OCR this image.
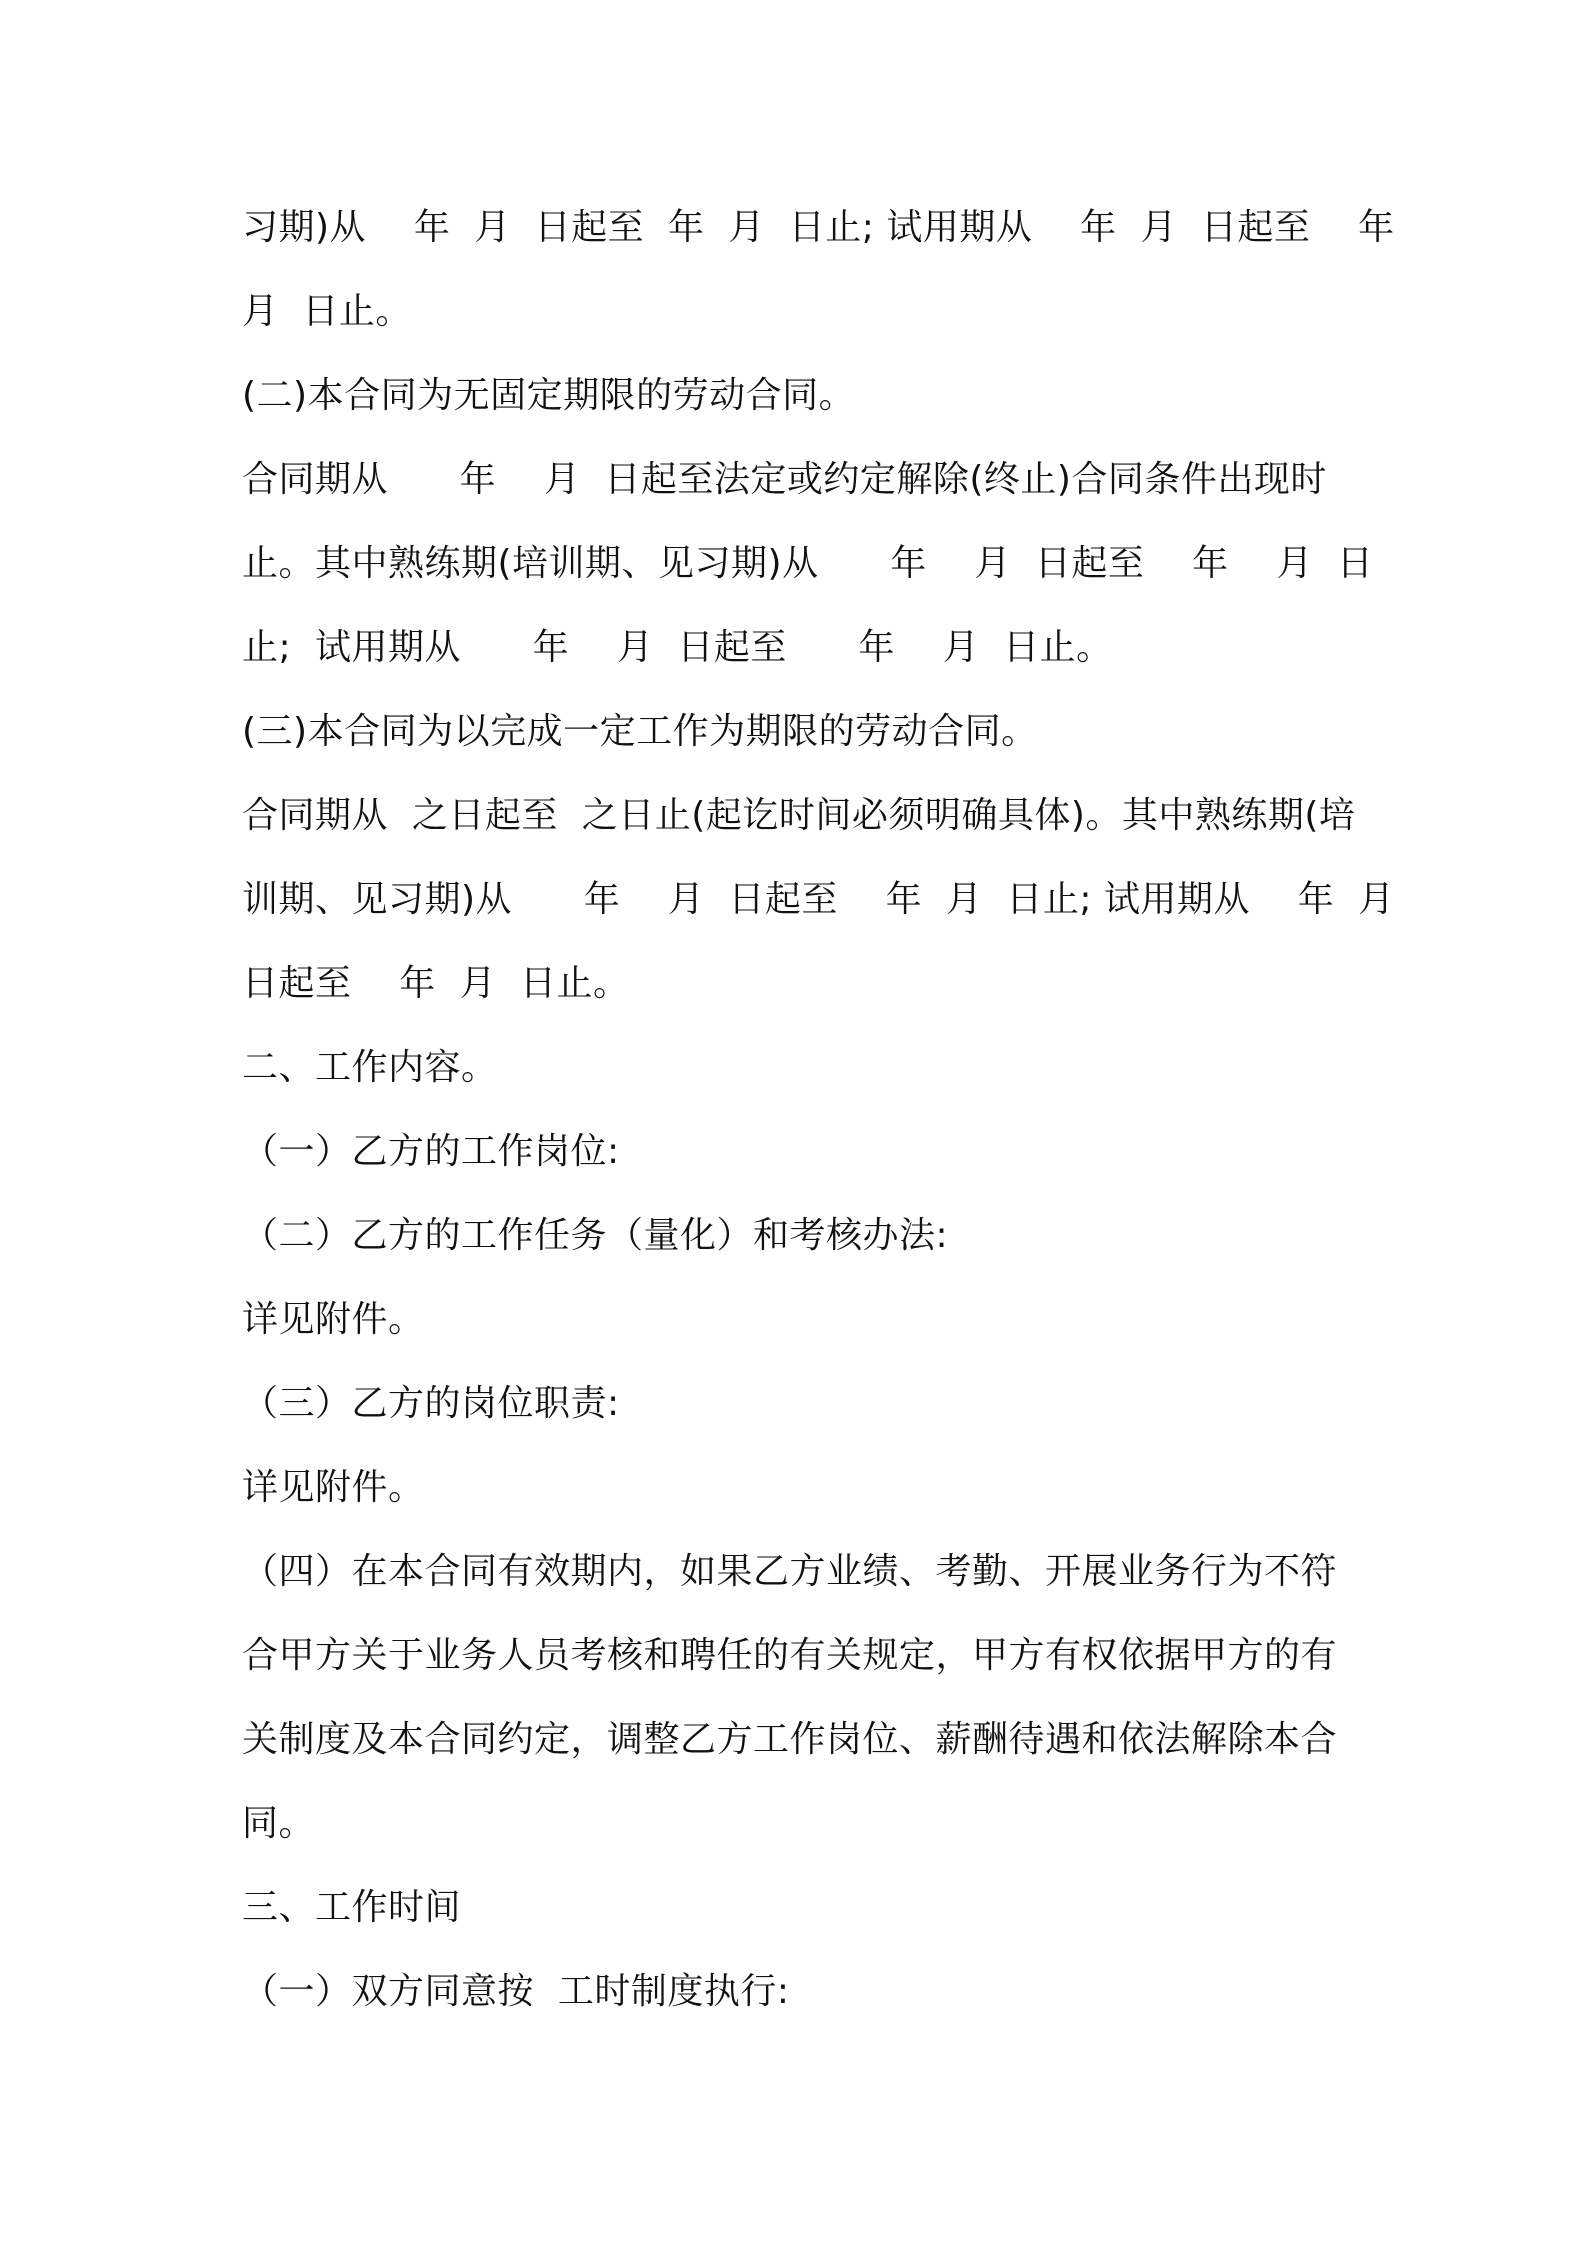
习期)从    年  月  日起至  年  月  日止; 试用期从    年  月  日起至    年
月  日止。
(二)本合同为无固定期限的劳动合同。
合同期从      年    月  日起至法定或约定解除(终止)合同条件出现时
止。其中熟练期(培训期、见习期)从      年    月  日起至    年    月  日
止;  试用期从      年    月  日起至      年    月  日止。
(三)本合同为以完成一定工作为期限的劳动合同。
合同期从  之日起至  之日止(起讫时间必须明确具体)。其中熟练期(培
训期、见习期)从      年    月  日起至    年  月  日止; 试用期从    年  月
日起至    年  月  日止。
二、工作内容。
（一）乙方的工作岗位:
（二）乙方的工作任务（量化）和考核办法:
详见附件。
（三）乙方的岗位职责:
详见附件。
（四）在本合同有效期内，如果乙方业绩、考勤、开展业务行为不符
合甲方关于业务人员考核和聘任的有关规定，甲方有权依据甲方的有
关制度及本合同约定，调整乙方工作岗位、薪酬待遇和依法解除本合
同。
三、工作时间
（一）双方同意按  工时制度执行:
